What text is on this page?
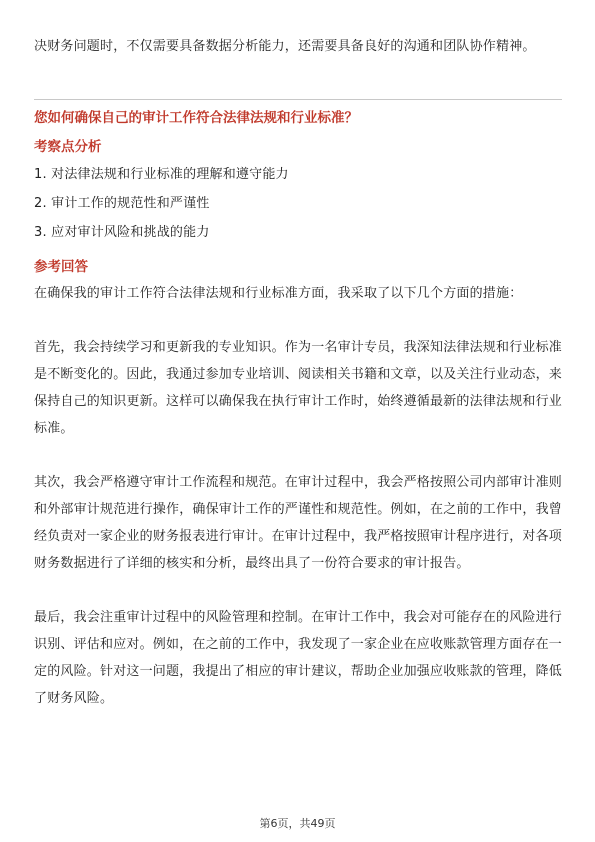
决财务问题时，不仅需要具备数据分析能力，还需要具备良好的沟通和团队协作精神。

您如何确保自己的审计工作符合法律法规和行业标准？

考察点分析

1. 对法律法规和行业标准的理解和遵守能力

2. 审计工作的规范性和严谨性

3. 应对审计风险和挑战的能力

参考回答

在确保我的审计工作符合法律法规和行业标准方面，我采取了以下几个方面的措施：

首先，我会持续学习和更新我的专业知识。作为一名审计专员，我深知法律法规和行业标准是不断变化的。因此，我通过参加专业培训、阅读相关书籍和文章，以及关注行业动态，来保持自己的知识更新。这样可以确保我在执行审计工作时，始终遵循最新的法律法规和行业标准。

其次，我会严格遵守审计工作流程和规范。在审计过程中，我会严格按照公司内部审计准则和外部审计规范进行操作，确保审计工作的严谨性和规范性。例如，在之前的工作中，我曾经负责对一家企业的财务报表进行审计。在审计过程中，我严格按照审计程序进行，对各项财务数据进行了详细的核实和分析，最终出具了一份符合要求的审计报告。

最后，我会注重审计过程中的风险管理和控制。在审计工作中，我会对可能存在的风险进行识别、评估和应对。例如，在之前的工作中，我发现了一家企业在应收账款管理方面存在一定的风险。针对这一问题，我提出了相应的审计建议，帮助企业加强应收账款的管理，降低了财务风险。

第6页，共49页
